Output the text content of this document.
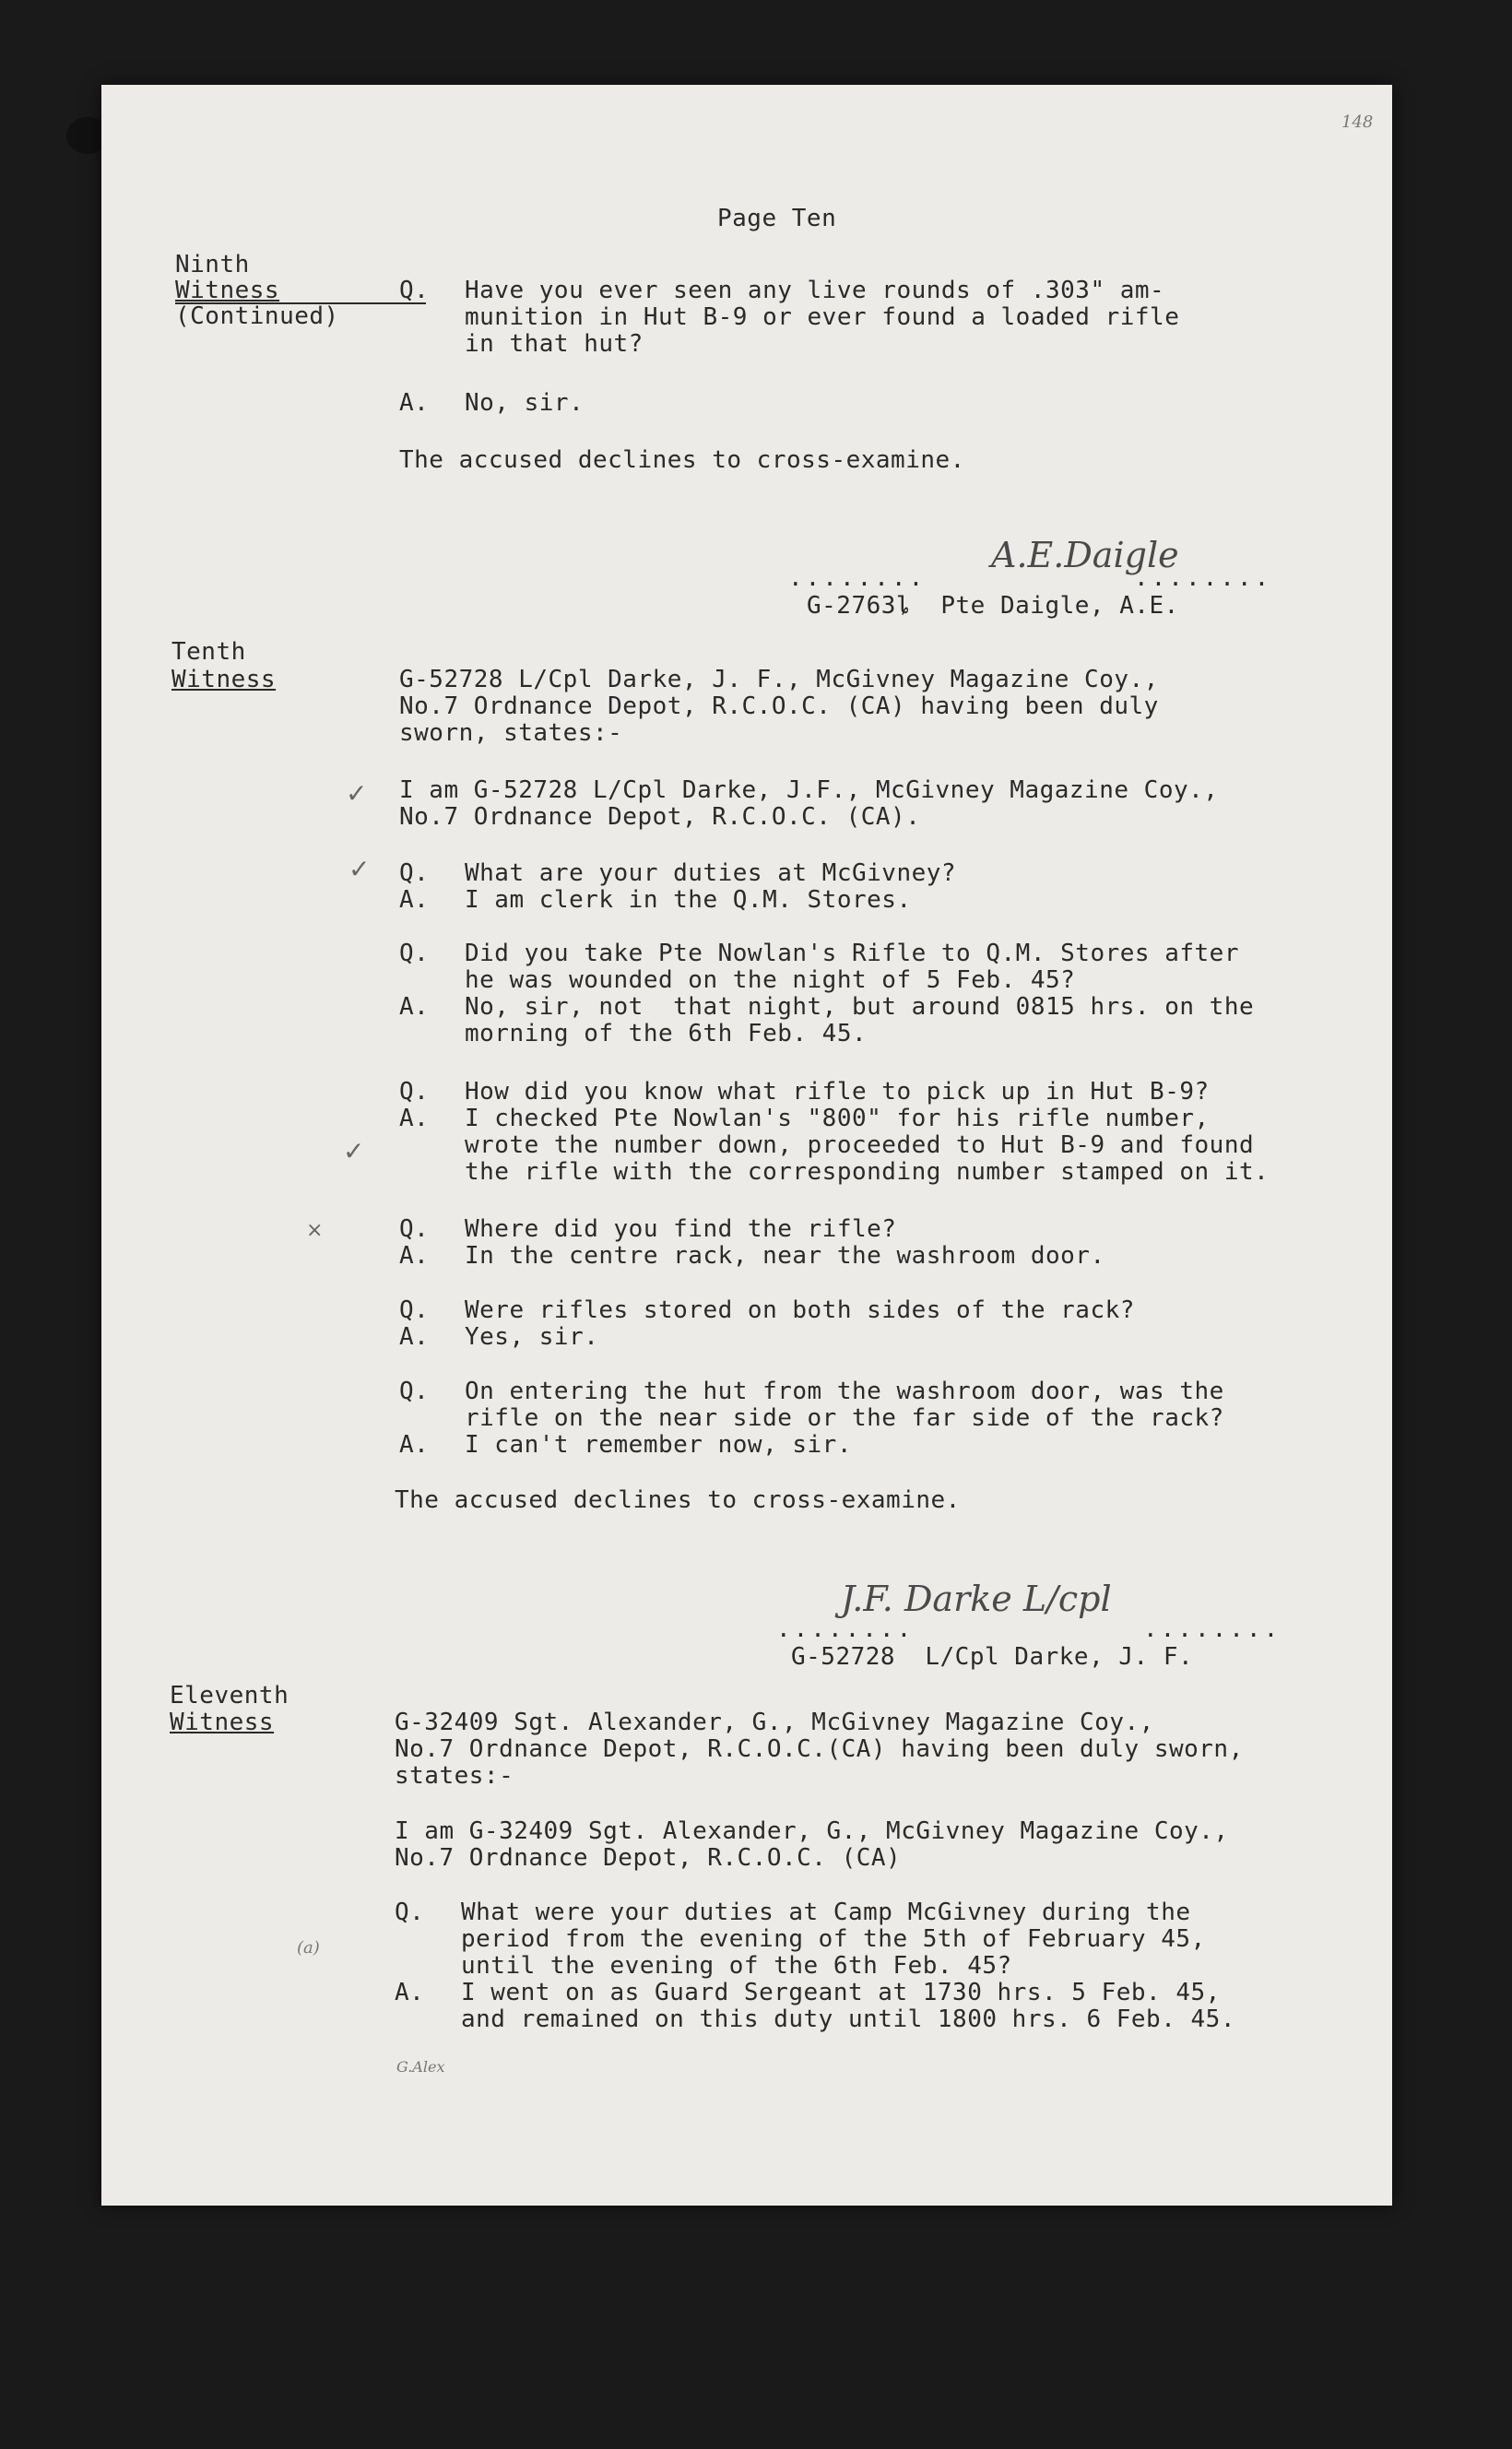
148
Page Ten
Ninth
Witness
(Continued)
Q. Have you ever seen any live rounds of .303" am-
munition in Hut B-9 or ever found a loaded rifle
in that hut?
A. No, sir.
The accused declines to cross-examine.
........	........
A.E.Daigle
G-2763ȴ  Pte Daigle, A.E.
Tenth
Witness	G-52728 L/Cpl Darke, J. F., McGivney Magazine Coy.,
No.7 Ordnance Depot, R.C.O.C. (CA) having been duly
sworn, states:-
✓ I am G-52728 L/Cpl Darke, J.F., McGivney Magazine Coy.,
No.7 Ordnance Depot, R.C.O.C. (CA).
✓ Q. What are your duties at McGivney?
A. I am clerk in the Q.M. Stores.
Q. Did you take Pte Nowlan's Rifle to Q.M. Stores after
he was wounded on the night of 5 Feb. 45?
A. No, sir, not  that night, but around 0815 hrs. on the
morning of the 6th Feb. 45.
Q. How did you know what rifle to pick up in Hut B-9?
A. I checked Pte Nowlan's "800" for his rifle number,
✓	wrote the number down, proceeded to Hut B-9 and found
the rifle with the corresponding number stamped on it.
×	Q. Where did you find the rifle?
A. In the centre rack, near the washroom door.
Q. Were rifles stored on both sides of the rack?
A. Yes, sir.
Q. On entering the hut from the washroom door, was the
rifle on the near side or the far side of the rack?
A. I can't remember now, sir.
The accused declines to cross-examine.
........	........
J.F. Darke L/cpl
G-52728  L/Cpl Darke, J. F.
Eleventh
Witness	G-32409 Sgt. Alexander, G., McGivney Magazine Coy.,
No.7 Ordnance Depot, R.C.O.C.(CA) having been duly sworn,
states:-
I am G-32409 Sgt. Alexander, G., McGivney Magazine Coy.,
No.7 Ordnance Depot, R.C.O.C. (CA)
Q. What were your duties at Camp McGivney during the
period from the evening of the 5th of February 45,
(a)
until the evening of the 6th Feb. 45?
A. I went on as Guard Sergeant at 1730 hrs. 5 Feb. 45,
and remained on this duty until 1800 hrs. 6 Feb. 45.
G.Alex
